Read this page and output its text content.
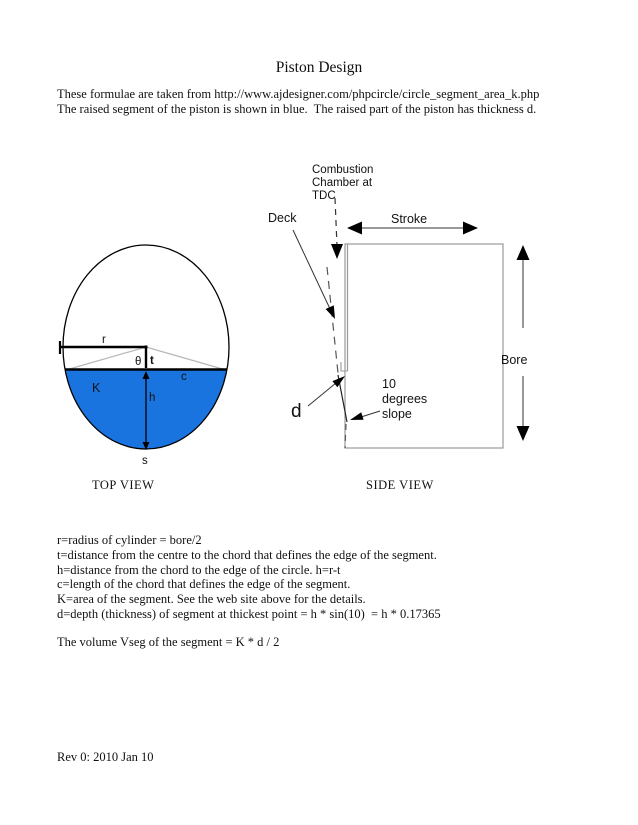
Piston Design
These formulae are taken from http://www.ajdesigner.com/phpcircle/circle_segment_area_k.php
The raised segment of the piston is shown in blue.  The raised part of the piston has thickness d.
r
θ t
c
K
h
s
Combustion
Chamber at
TDC
Deck	Stroke
Bore
d
10
degrees
slope
TOP VIEW	SIDE VIEW
r=radius of cylinder = bore/2
t=distance from the centre to the chord that defines the edge of the segment.
h=distance from the chord to the edge of the circle. h=r-t
c=length of the chord that defines the edge of the segment.
K=area of the segment. See the web site above for the details.
d=depth (thickness) of segment at thickest point = h * sin(10)  = h * 0.17365
The volume Vseg of the segment = K * d / 2
Rev 0: 2010 Jan 10
